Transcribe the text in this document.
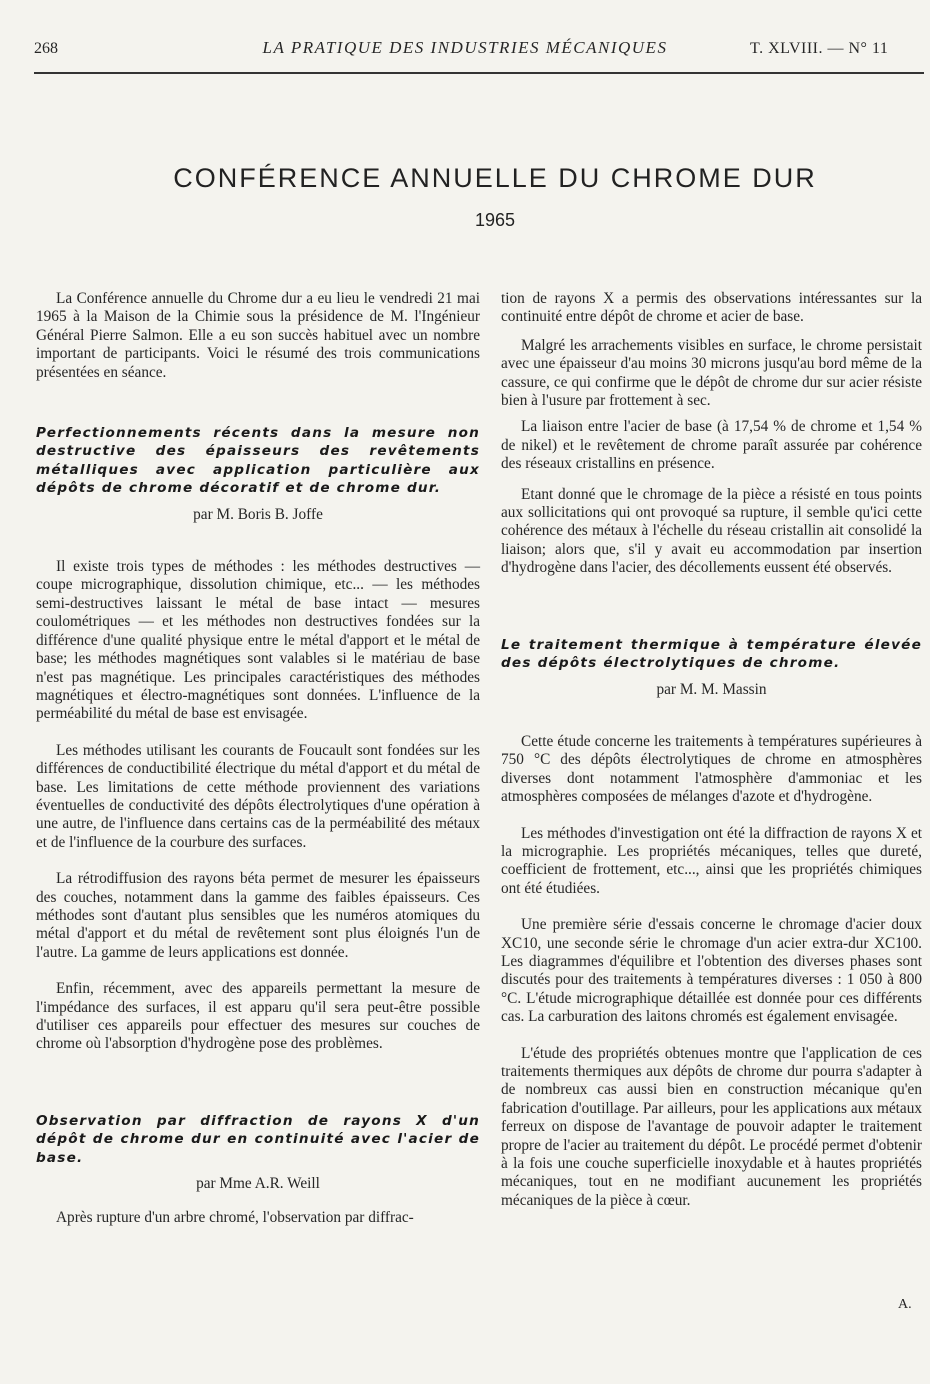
268	LA PRATIQUE DES INDUSTRIES MÉCANIQUES	T. XLVIII. — N° 11
CONFÉRENCE ANNUELLE DU CHROME DUR
1965

La Conférence annuelle du Chrome dur a eu lieu le vendredi 21 mai 1965 à la Maison de la Chimie sous la présidence de M. l'Ingénieur Général Pierre Salmon. Elle a eu son succès habituel avec un nombre important de participants. Voici le résumé des trois communications présentées en séance.

Perfectionnements récents dans la mesure non destructive des épaisseurs des revêtements métalliques avec application particulière aux dépôts de chrome décoratif et de chrome dur.
par M. Boris B. Joffe

Il existe trois types de méthodes : les méthodes destructives — coupe micrographique, dissolution chimique, etc... — les méthodes semi-destructives laissant le métal de base intact — mesures coulométriques — et les méthodes non destructives fondées sur la différence d'une qualité physique entre le métal d'apport et le métal de base; les méthodes magnétiques sont valables si le matériau de base n'est pas magnétique. Les principales caractéristiques des méthodes magnétiques et électro-magnétiques sont données. L'influence de la perméabilité du métal de base est envisagée.

Les méthodes utilisant les courants de Foucault sont fondées sur les différences de conductibilité électrique du métal d'apport et du métal de base. Les limitations de cette méthode proviennent des variations éventuelles de conductivité des dépôts électrolytiques d'une opération à une autre, de l'influence dans certains cas de la perméabilité des métaux et de l'influence de la courbure des surfaces.

La rétrodiffusion des rayons béta permet de mesurer les épaisseurs des couches, notamment dans la gamme des faibles épaisseurs. Ces méthodes sont d'autant plus sensibles que les numéros atomiques du métal d'apport et du métal de revêtement sont plus éloignés l'un de l'autre. La gamme de leurs applications est donnée.

Enfin, récemment, avec des appareils permettant la mesure de l'impédance des surfaces, il est apparu qu'il sera peut-être possible d'utiliser ces appareils pour effectuer des mesures sur couches de chrome où l'absorption d'hydrogène pose des problèmes.

Observation par diffraction de rayons X d'un dépôt de chrome dur en continuité avec l'acier de base.
par Mme A.R. Weill

Après rupture d'un arbre chromé, l'observation par diffrac-

tion de rayons X a permis des observations intéressantes sur la continuité entre dépôt de chrome et acier de base.

Malgré les arrachements visibles en surface, le chrome persistait avec une épaisseur d'au moins 30 microns jusqu'au bord même de la cassure, ce qui confirme que le dépôt de chrome dur sur acier résiste bien à l'usure par frottement à sec.

La liaison entre l'acier de base (à 17,54 % de chrome et 1,54 % de nikel) et le revêtement de chrome paraît assurée par cohérence des réseaux cristallins en présence.

Etant donné que le chromage de la pièce a résisté en tous points aux sollicitations qui ont provoqué sa rupture, il semble qu'ici cette cohérence des métaux à l'échelle du réseau cristallin ait consolidé la liaison; alors que, s'il y avait eu accommodation par insertion d'hydrogène dans l'acier, des décollements eussent été observés.

Le traitement thermique à température élevée des dépôts électrolytiques de chrome.
par M. M. Massin

Cette étude concerne les traitements à températures supérieures à 750 °C des dépôts électrolytiques de chrome en atmosphères diverses dont notamment l'atmosphère d'ammoniac et les atmosphères composées de mélanges d'azote et d'hydrogène.

Les méthodes d'investigation ont été la diffraction de rayons X et la micrographie. Les propriétés mécaniques, telles que dureté, coefficient de frottement, etc..., ainsi que les propriétés chimiques ont été étudiées.

Une première série d'essais concerne le chromage d'acier doux XC10, une seconde série le chromage d'un acier extra-dur XC100. Les diagrammes d'équilibre et l'obtention des diverses phases sont discutés pour des traitements à températures diverses : 1 050 à 800 °C. L'étude micrographique détaillée est donnée pour ces différents cas. La carburation des laitons chromés est également envisagée.

L'étude des propriétés obtenues montre que l'application de ces traitements thermiques aux dépôts de chrome dur pourra s'adapter à de nombreux cas aussi bien en construction mécanique qu'en fabrication d'outillage. Par ailleurs, pour les applications aux métaux ferreux on dispose de l'avantage de pouvoir adapter le traitement propre de l'acier au traitement du dépôt. Le procédé permet d'obtenir à la fois une couche superficielle inoxydable et à hautes propriétés mécaniques, tout en ne modifiant aucunement les propriétés mécaniques de la pièce à cœur.

A.
